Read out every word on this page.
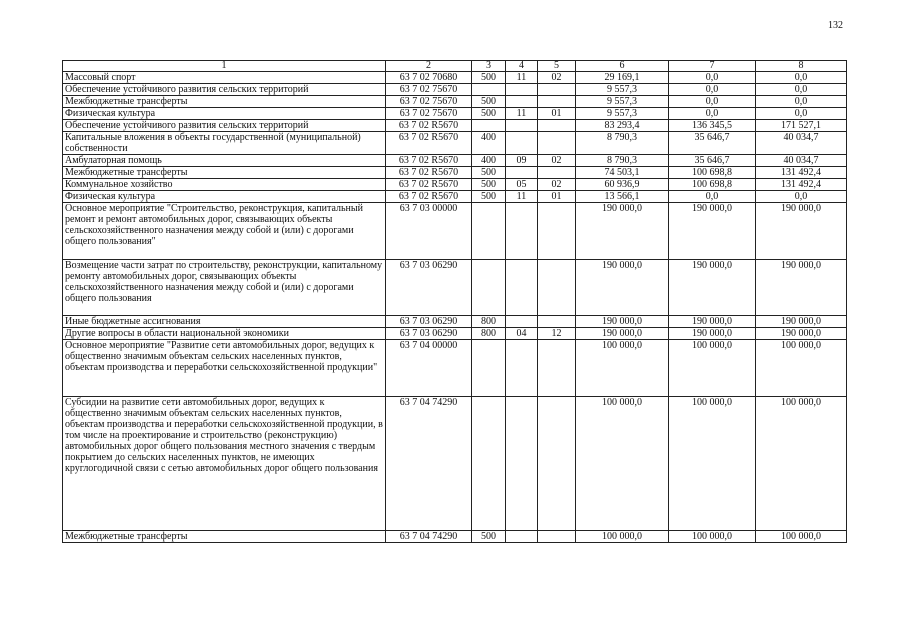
132
1	2	3	4	5	6	7	8
Массовый спорт	63 7 02 70680	500	11	02	29 169,1	0,0	0,0
Обеспечение устойчивого развития сельских территорий	63 7 02 75670				9 557,3	0,0	0,0
Межбюджетные трансферты	63 7 02 75670	500			9 557,3	0,0	0,0
Физическая культура	63 7 02 75670	500	11	01	9 557,3	0,0	0,0
Обеспечение устойчивого развития сельских территорий	63 7 02 R5670				83 293,4	136 345,5	171 527,1
Капитальные вложения в объекты государственной (муниципальной) собственности	63 7 02 R5670	400			8 790,3	35 646,7	40 034,7
Амбулаторная помощь	63 7 02 R5670	400	09	02	8 790,3	35 646,7	40 034,7
Межбюджетные трансферты	63 7 02 R5670	500			74 503,1	100 698,8	131 492,4
Коммунальное хозяйство	63 7 02 R5670	500	05	02	60 936,9	100 698,8	131 492,4
Физическая культура	63 7 02 R5670	500	11	01	13 566,1	0,0	0,0
Основное мероприятие "Строительство, реконструкция, капитальный ремонт и ремонт автомобильных дорог, связывающих объекты сельскохозяйственного назначения между собой и (или) с дорогами общего пользования"	63 7 03 00000				190 000,0	190 000,0	190 000,0
Возмещение части затрат по строительству, реконструкции, капитальному ремонту автомобильных дорог, связывающих объекты сельскохозяйственного назначения между собой и (или) с дорогами общего пользования	63 7 03 06290				190 000,0	190 000,0	190 000,0
Иные бюджетные ассигнования	63 7 03 06290	800			190 000,0	190 000,0	190 000,0
Другие вопросы в области национальной экономики	63 7 03 06290	800	04	12	190 000,0	190 000,0	190 000,0
Основное мероприятие "Развитие сети автомобильных дорог, ведущих к общественно значимым объектам сельских населенных пунктов, объектам производства и переработки сельскохозяйственной продукции"	63 7 04 00000				100 000,0	100 000,0	100 000,0
Субсидии на развитие сети автомобильных дорог, ведущих к общественно значимым объектам сельских населенных пунктов, объектам производства и переработки сельскохозяйственной продукции, в том числе на проектирование и строительство (реконструкцию) автомобильных дорог общего пользования местного значения с твердым покрытием до сельских населенных пунктов, не имеющих круглогодичной связи с сетью автомобильных дорог общего пользования	63 7 04 74290				100 000,0	100 000,0	100 000,0
Межбюджетные трансферты	63 7 04 74290	500			100 000,0	100 000,0	100 000,0
